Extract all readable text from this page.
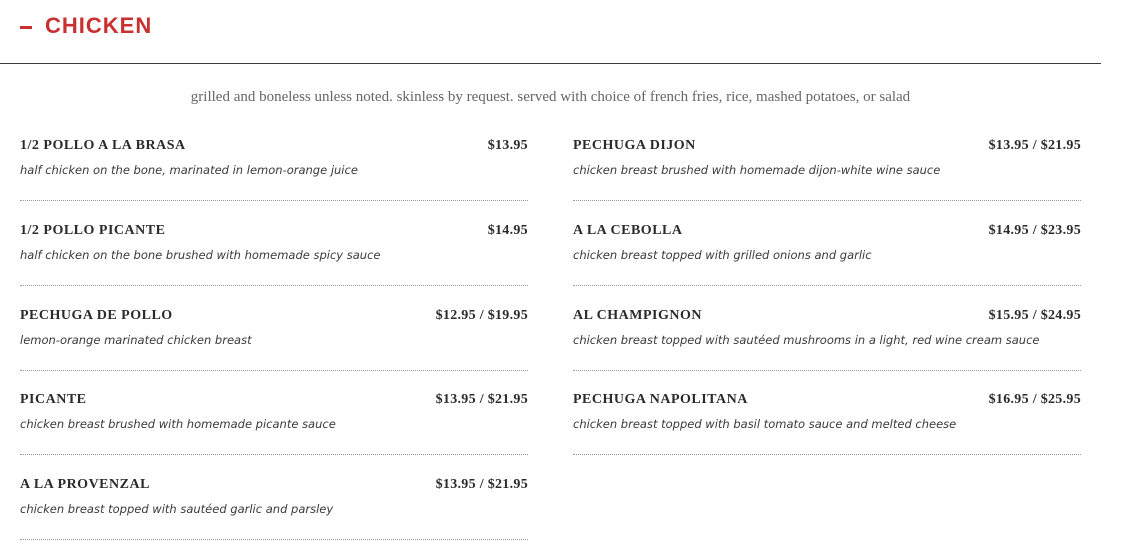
CHICKEN
grilled and boneless unless noted. skinless by request. served with choice of french fries, rice, mashed potatoes, or salad
1/2 POLLO A LA BRASA	$13.95
half chicken on the bone, marinated in lemon-orange juice
1/2 POLLO PICANTE	$14.95
half chicken on the bone brushed with homemade spicy sauce
PECHUGA DE POLLO	$12.95 / $19.95
lemon-orange marinated chicken breast
PICANTE	$13.95 / $21.95
chicken breast brushed with homemade picante sauce
A LA PROVENZAL	$13.95 / $21.95
chicken breast topped with sautéed garlic and parsley
PECHUGA DIJON	$13.95 / $21.95
chicken breast brushed with homemade dijon-white wine sauce
A LA CEBOLLA	$14.95 / $23.95
chicken breast topped with grilled onions and garlic
AL CHAMPIGNON	$15.95 / $24.95
chicken breast topped with sautéed mushrooms in a light, red wine cream sauce
PECHUGA NAPOLITANA	$16.95 / $25.95
chicken breast topped with basil tomato sauce and melted cheese
